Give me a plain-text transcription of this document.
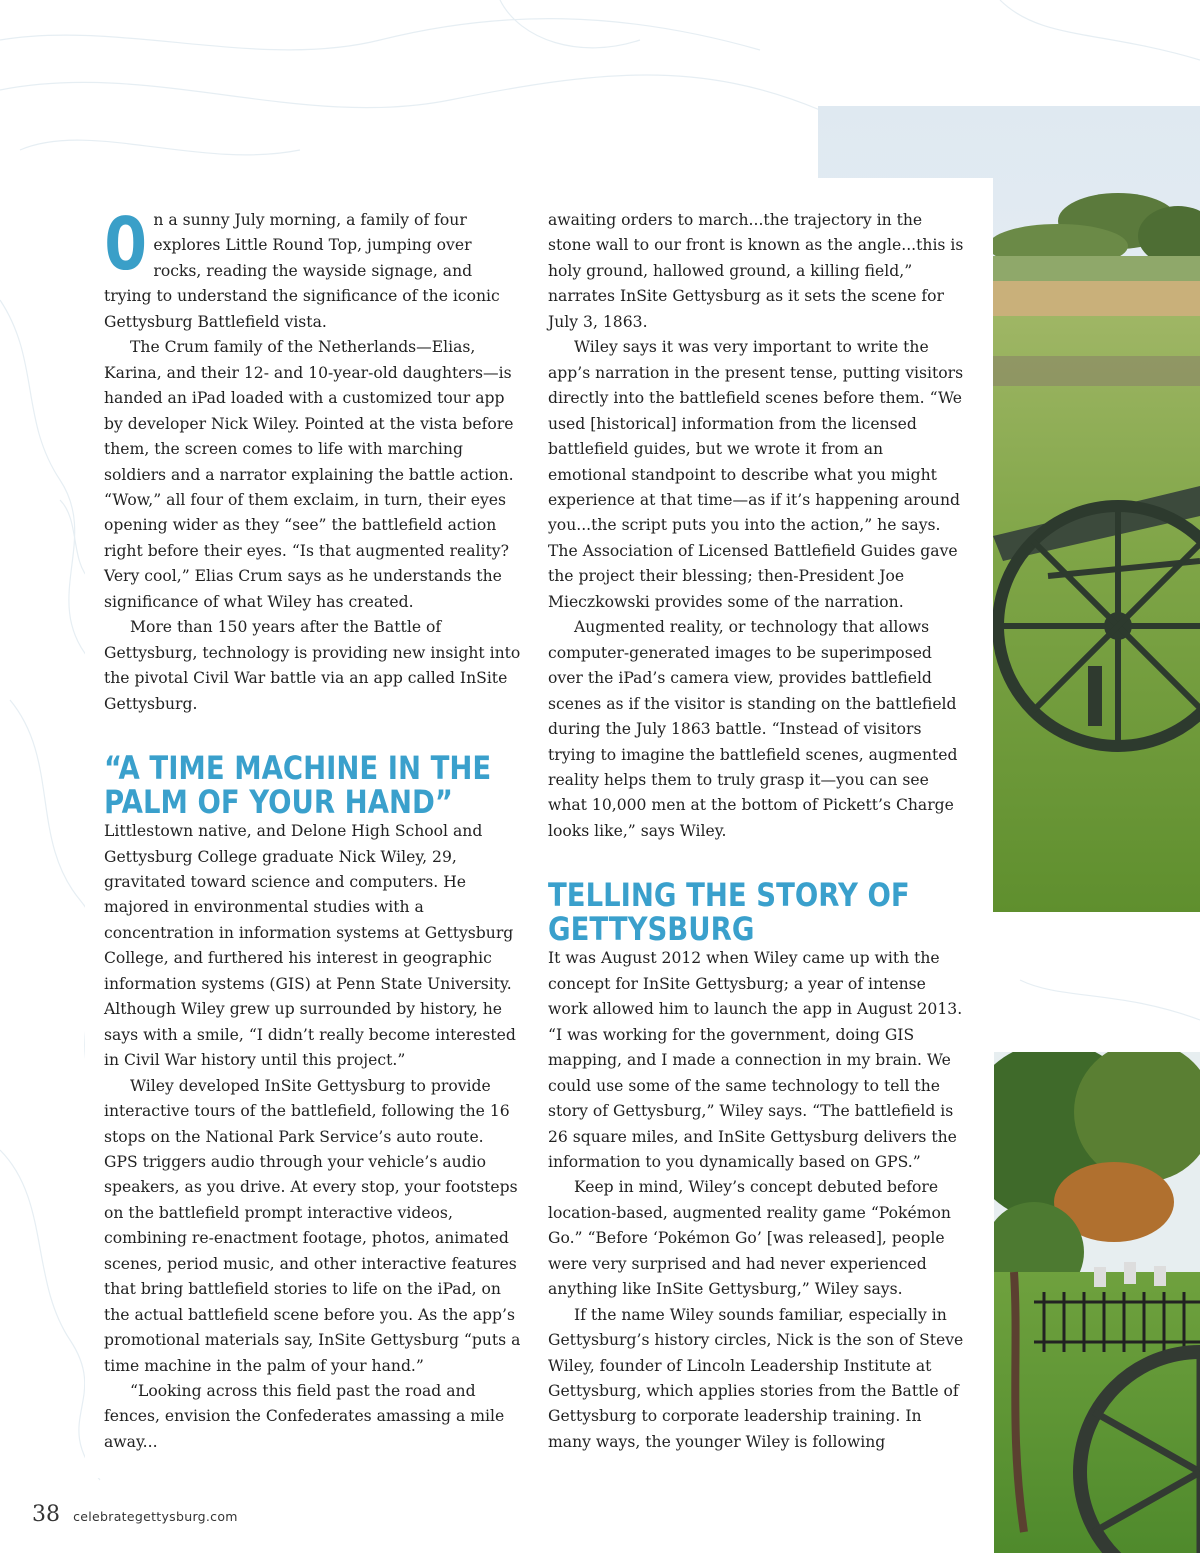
On a sunny July morning, a family of four explores Little Round Top, jumping over rocks, reading the wayside signage, and trying to understand the significance of the iconic Gettysburg Battlefield vista.

The Crum family of the Netherlands—Elias, Karina, and their 12- and 10-year-old daughters—is handed an iPad loaded with a customized tour app by developer Nick Wiley. Pointed at the vista before them, the screen comes to life with marching soldiers and a narrator explaining the battle action. “Wow,” all four of them exclaim, in turn, their eyes opening wider as they “see” the battlefield action right before their eyes. “Is that augmented reality? Very cool,” Elias Crum says as he understands the significance of what Wiley has created.

More than 150 years after the Battle of Gettysburg, technology is providing new insight into the pivotal Civil War battle via an app called InSite Gettysburg.

“A TIME MACHINE IN THE
PALM OF YOUR HAND”

Littlestown native, and Delone High School and Gettysburg College graduate Nick Wiley, 29, gravitated toward science and computers. He majored in environmental studies with a concentration in information systems at Gettysburg College, and furthered his interest in geographic information systems (GIS) at Penn State University. Although Wiley grew up surrounded by history, he says with a smile, “I didn’t really become interested in Civil War history until this project.”

Wiley developed InSite Gettysburg to provide interactive tours of the battlefield, following the 16 stops on the National Park Service’s auto route. GPS triggers audio through your vehicle’s audio speakers, as you drive. At every stop, your footsteps on the battlefield prompt interactive videos, combining re-enactment footage, photos, animated scenes, period music, and other interactive features that bring battlefield stories to life on the iPad, on the actual battlefield scene before you. As the app’s promotional materials say, InSite Gettysburg “puts a time machine in the palm of your hand.”

“Looking across this field past the road and fences, envision the Confederates amassing a mile away...

awaiting orders to march...the trajectory in the stone wall to our front is known as the angle...this is holy ground, hallowed ground, a killing field,” narrates InSite Gettysburg as it sets the scene for July 3, 1863.

Wiley says it was very important to write the app’s narration in the present tense, putting visitors directly into the battlefield scenes before them. “We used [historical] information from the licensed battlefield guides, but we wrote it from an emotional standpoint to describe what you might experience at that time—as if it’s happening around you...the script puts you into the action,” he says. The Association of Licensed Battlefield Guides gave the project their blessing; then-President Joe Mieczkowski provides some of the narration.

Augmented reality, or technology that allows computer-generated images to be superimposed over the iPad’s camera view, provides battlefield scenes as if the visitor is standing on the battlefield during the July 1863 battle. “Instead of visitors trying to imagine the battlefield scenes, augmented reality helps them to truly grasp it—you can see what 10,000 men at the bottom of Pickett’s Charge looks like,” says Wiley.

TELLING THE STORY OF
GETTYSBURG

It was August 2012 when Wiley came up with the concept for InSite Gettysburg; a year of intense work allowed him to launch the app in August 2013. “I was working for the government, doing GIS mapping, and I made a connection in my brain. We could use some of the same technology to tell the story of Gettysburg,” Wiley says. “The battlefield is 26 square miles, and InSite Gettysburg delivers the information to you dynamically based on GPS.”

Keep in mind, Wiley’s concept debuted before location-based, augmented reality game “Pokémon Go.” “Before ‘Pokémon Go’ [was released], people were very surprised and had never experienced anything like InSite Gettysburg,” Wiley says.

If the name Wiley sounds familiar, especially in Gettysburg’s history circles, Nick is the son of Steve Wiley, founder of Lincoln Leadership Institute at Gettysburg, which applies stories from the Battle of Gettysburg to corporate leadership training. In many ways, the younger Wiley is following

38 celebrategettysburg.com
